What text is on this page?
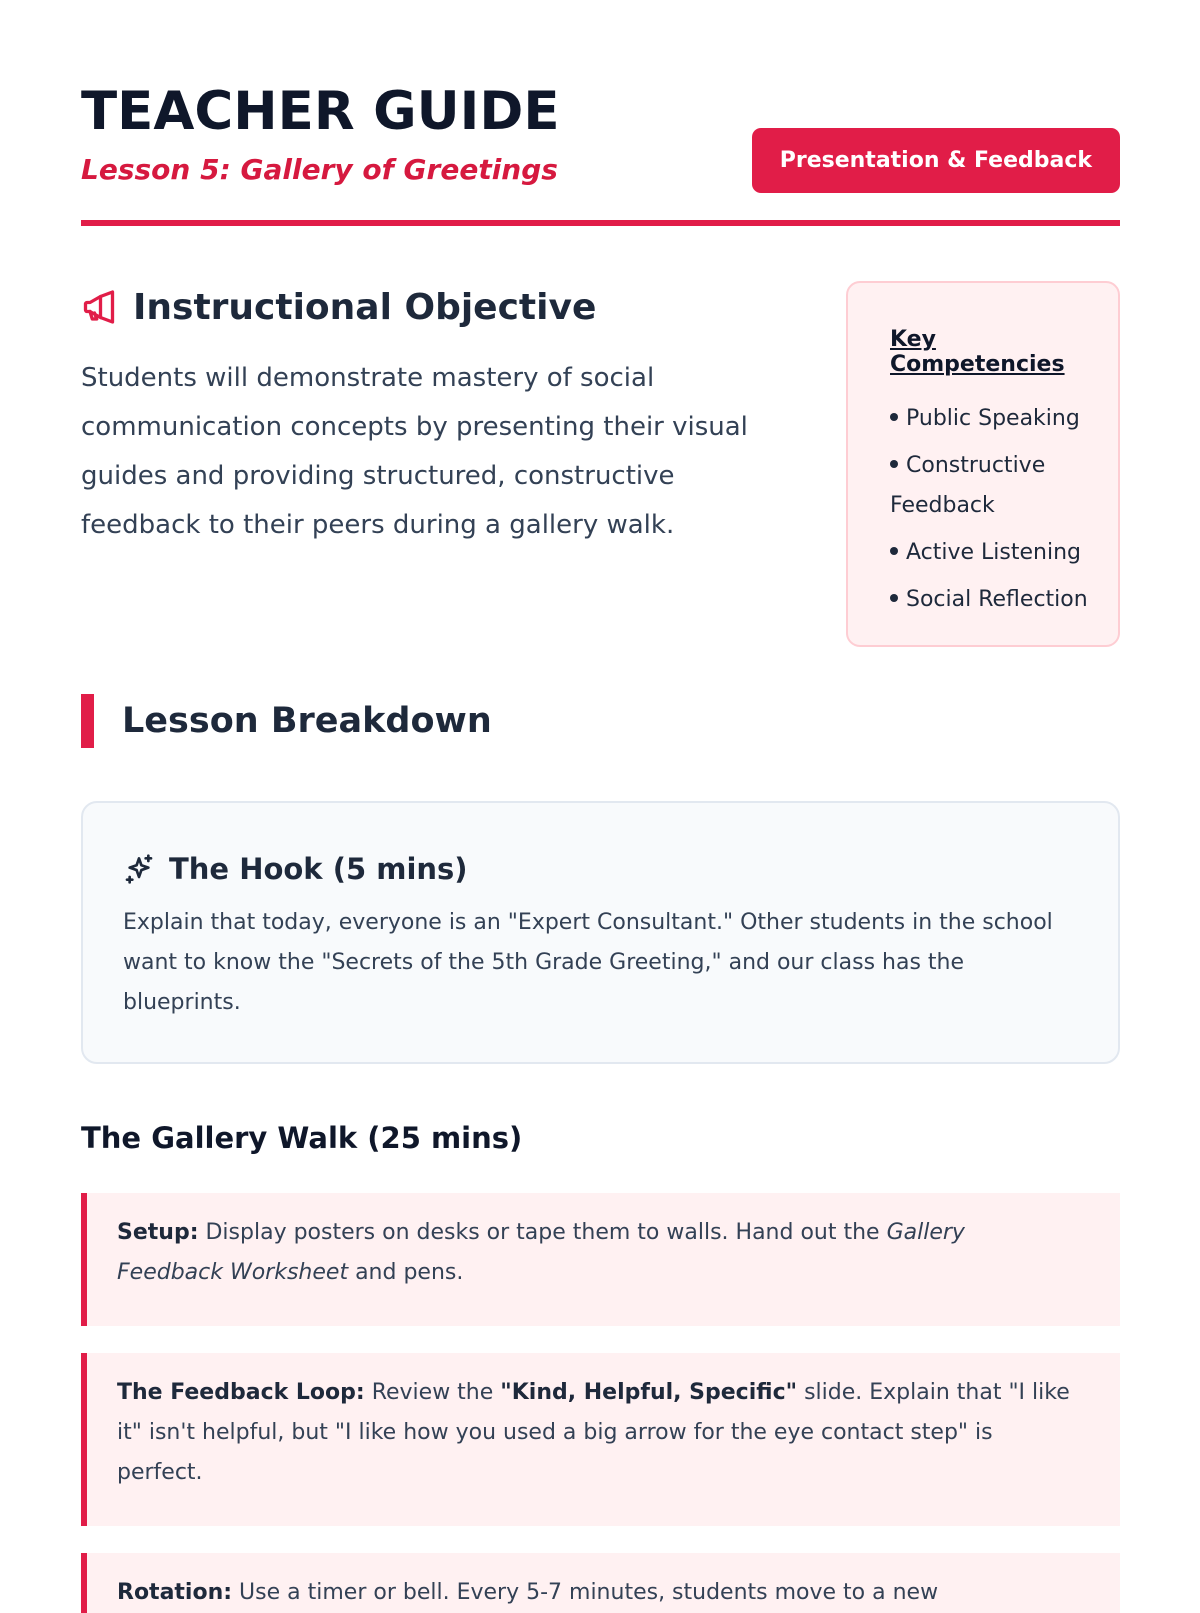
TEACHER GUIDE
Lesson 5: Gallery of Greetings	Presentation & Feedback
Instructional Objective

Students will demonstrate mastery of social communication concepts by presenting their visual guides and providing structured, constructive feedback to their peers during a gallery walk.

Key Competencies
Public Speaking
Constructive Feedback
Active Listening
Social Reflection
Lesson Breakdown
The Hook (5 mins)

Explain that today, everyone is an "Expert Consultant." Other students in the school want to know the "Secrets of the 5th Grade Greeting," and our class has the blueprints.

The Gallery Walk (25 mins)
Setup: Display posters on desks or tape them to walls. Hand out the Gallery Feedback Worksheet and pens.
The Feedback Loop: Review the "Kind, Helpful, Specific" slide. Explain that "I like it" isn't helpful, but "I like how you used a big arrow for the eye contact step" is perfect.
Rotation: Use a timer or bell. Every 5-7 minutes, students move to a new
